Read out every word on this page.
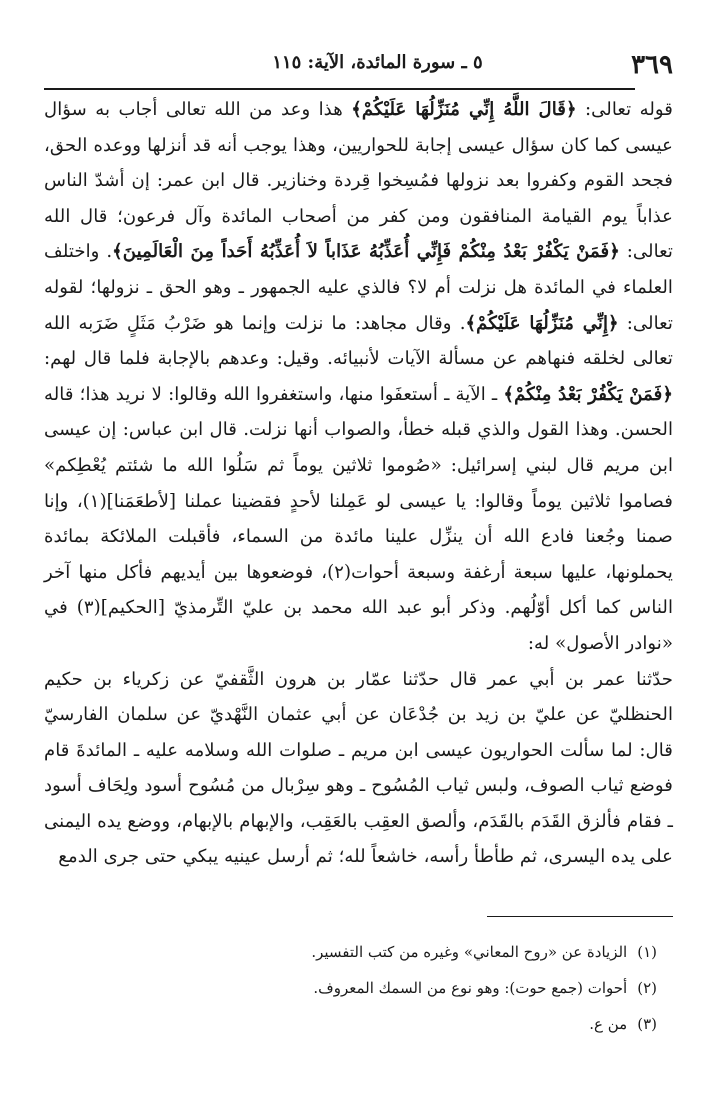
٣٦٩
٥ ـ سورة المائدة، الآية: ١١٥

قوله تعالى: ﴿قَالَ اللَّهُ إِنِّي مُنَزِّلُهَا عَلَيْكُمْ﴾ هذا وعد من الله تعالى أجاب به سؤال عيسى كما كان سؤال عيسى إجابة للحواريين، وهذا يوجب أنه قد أنزلها ووعده الحق، فجحد القوم وكفروا بعد نزولها فمُسِخوا قِردة وخنازير. قال ابن عمر: إن أشدّ الناس عذاباً يوم القيامة المنافقون ومن كفر من أصحاب المائدة وآل فرعون؛ قال الله تعالى: ﴿فَمَنْ يَكْفُرْ بَعْدُ مِنْكُمْ فَإِنِّي أُعَذِّبُهُ عَذَاباً لاَ أُعَذِّبُهُ أَحَداً مِنَ الْعَالَمِينَ﴾. واختلف العلماء في المائدة هل نزلت أم لا؟ فالذي عليه الجمهور ـ وهو الحق ـ نزولها؛ لقوله تعالى: ﴿إِنِّي مُنَزِّلُهَا عَلَيْكُمْ﴾. وقال مجاهد: ما نزلت وإنما هو ضَرْبُ مَثَلٍ ضَرَبه الله تعالى لخلقه فنهاهم عن مسألة الآيات لأنبيائه. وقيل: وعدهم بالإجابة فلما قال لهم: ﴿فَمَنْ يَكْفُرْ بَعْدُ مِنْكُمْ﴾ ـ الآية ـ أستعفَوا منها، واستغفروا الله وقالوا: لا نريد هذا؛ قاله الحسن. وهذا القول والذي قبله خطأ، والصواب أنها نزلت. قال ابن عباس: إن عيسى ابن مريم قال لبني إسرائيل: «صُوموا ثلاثين يوماً ثم سَلُوا الله ما شئتم يُعْطِكم» فصاموا ثلاثين يوماً وقالوا: يا عيسى لو عَمِلنا لأحدٍ فقضينا عملنا [لأطعَمَنا](١)، وإنا صمنا وجُعنا فادع الله أن ينزِّل علينا مائدة من السماء، فأقبلت الملائكة بمائدة يحملونها، عليها سبعة أرغفة وسبعة أحوات(٢)، فوضعوها بين أيديهم فأكل منها آخر الناس كما أكل أوّلُهم. وذكر أبو عبد الله محمد بن عليّ التِّرمذيّ [الحكيم](٣) في «نوادر الأصول» له:

حدّثنا عمر بن أبي عمر قال حدّثنا عمّار بن هرون الثَّقفيّ عن زكرياء بن حكيم الحنظليّ عن عليّ بن زيد بن جُدْعَان عن أبي عثمان النَّهْديّ عن سلمان الفارسيّ قال: لما سألت الحواريون عيسى ابن مريم ـ صلوات الله وسلامه عليه ـ المائدةَ قام فوضع ثياب الصوف، ولبس ثياب المُسُوح ـ وهو سِرْبال من مُسُوح أسود ولِحَاف أسود ـ فقام فألزق القَدَم بالقَدَم، وألصق العقِب بالعَقِب، والإبهام بالإبهام، ووضع يده اليمنى على يده اليسرى، ثم طأطأ رأسه، خاشعاً لله؛ ثم أرسل عينيه يبكي حتى جرى الدمع

(١)
الزيادة عن «روح المعاني» وغيره من كتب التفسير.
(٢)
أحوات (جمع حوت): وهو نوع من السمك المعروف.
(٣)
من ع.
